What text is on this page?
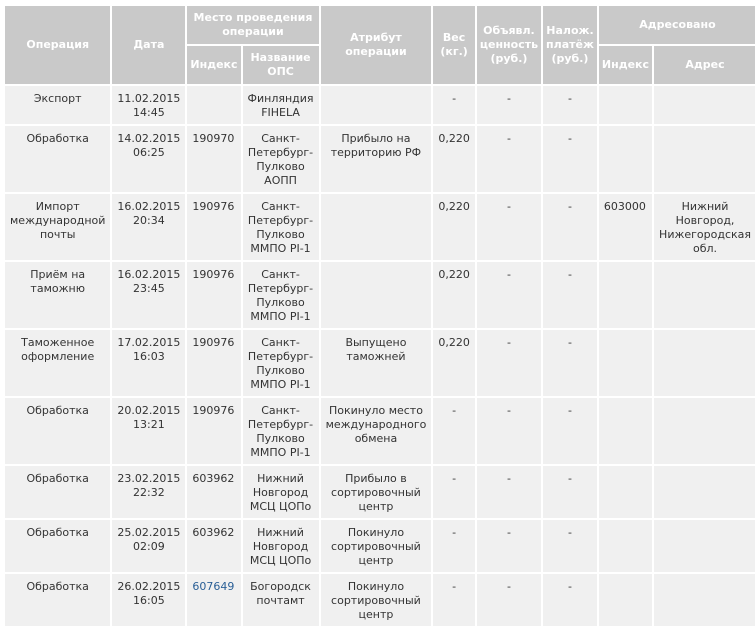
Операция	Дата	Место проведения операции		Атрибут операции	Вес (кг.)	Объявл. ценность (руб.)	Налож. платёж (руб.)	Адресовано	
		Индекс	Название ОПС					Индекс	Адрес
Экспорт	11.02.2015 14:45		Финляндия FIHELA		-	-	-		
Обработка	14.02.2015 06:25	190970	Санкт-Петербург-Пулково АОПП	Прибыло на территорию РФ	0,220	-	-		
Импорт международной почты	16.02.2015 20:34	190976	Санкт-Петербург-Пулково ММПО PI-1		0,220	-	-	603000	Нижний Новгород, Нижегородская обл.
Приём на таможню	16.02.2015 23:45	190976	Санкт-Петербург-Пулково ММПО PI-1		0,220	-	-		
Таможенное оформление	17.02.2015 16:03	190976	Санкт-Петербург-Пулково ММПО PI-1	Выпущено таможней	0,220	-	-		
Обработка	20.02.2015 13:21	190976	Санкт-Петербург-Пулково ММПО PI-1	Покинуло место международного обмена	-	-	-		
Обработка	23.02.2015 22:32	603962	Нижний Новгород МСЦ ЦОПо	Прибыло в сортировочный центр	-	-	-		
Обработка	25.02.2015 02:09	603962	Нижний Новгород МСЦ ЦОПо	Покинуло сортировочный центр	-	-	-		
Обработка	26.02.2015 16:05	607649	Богородск почтамт	Покинуло сортировочный центр	-	-	-		
